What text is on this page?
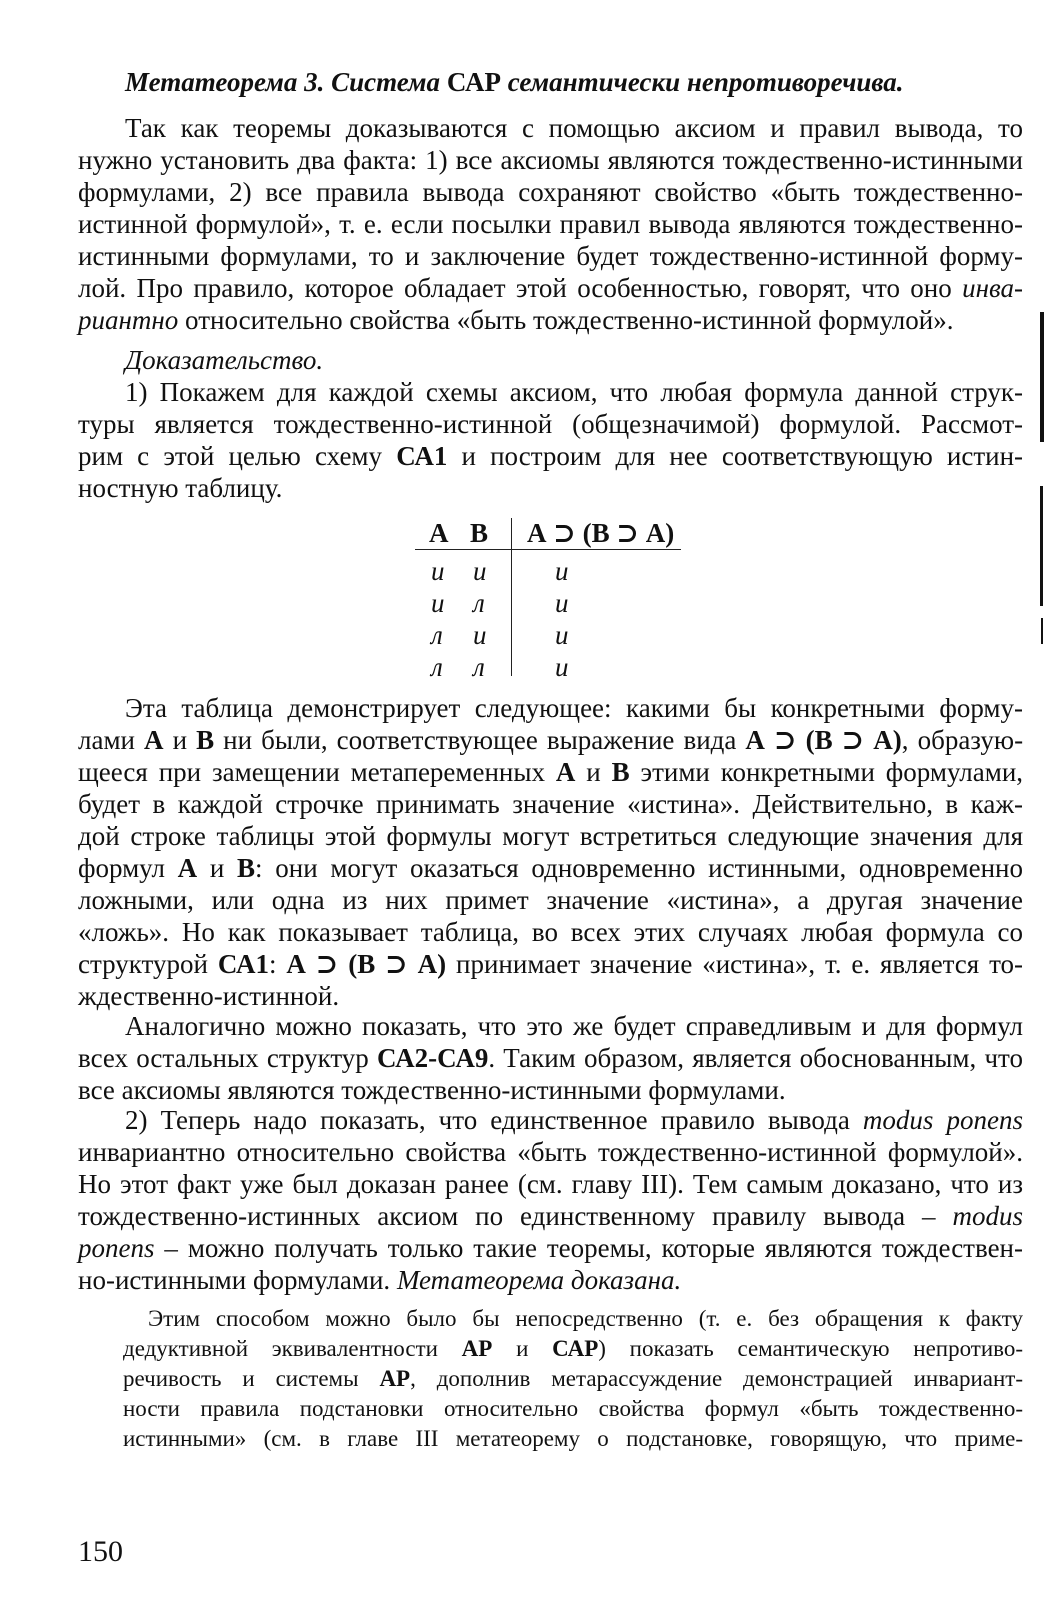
Метатеорема 3. Система САР семантически непротиворечива.
Так как теоремы доказываются с помощью аксиом и правил вывода, то
нужно установить два факта: 1) все аксиомы являются тождественно-истинными
формулами, 2) все правила вывода сохраняют свойство «быть тождественно-
истинной формулой», т. е. если посылки правил вывода являются тождественно-
истинными формулами, то и заключение будет тождественно-истинной форму-
лой. Про правило, которое обладает этой особенностью, говорят, что оно инва-
риантно относительно свойства «быть тождественно-истинной формулой».
Доказательство.
1) Покажем для каждой схемы аксиом, что любая формула данной струк-
туры является тождественно-истинной (общезначимой) формулой. Рассмот-
рим с этой целью схему СА1 и построим для нее соответствующую истин-
ностную таблицу.
А В А ⊃ (В ⊃ А)
и и	и
и л	и
л и	и
л л	и
Эта таблица демонстрирует следующее: какими бы конкретными форму-
лами А и В ни были, соответствующее выражение вида А ⊃ (В ⊃ А), образую-
щееся при замещении метапеременных А и В этими конкретными формулами,
будет в каждой строчке принимать значение «истина». Действительно, в каж-
дой строке таблицы этой формулы могут встретиться следующие значения для
формул А и В: они могут оказаться одновременно истинными, одновременно
ложными, или одна из них примет значение «истина», а другая значение
«ложь». Но как показывает таблица, во всех этих случаях любая формула со
структурой СА1: А ⊃ (В ⊃ А) принимает значение «истина», т. е. является то-
ждественно-истинной.
Аналогично можно показать, что это же будет справедливым и для формул
всех остальных структур СА2-СА9. Таким образом, является обоснованным, что
все аксиомы являются тождественно-истинными формулами.
2) Теперь надо показать, что единственное правило вывода modus ponens
инвариантно относительно свойства «быть тождественно-истинной формулой».
Но этот факт уже был доказан ранее (см. главу III). Тем самым доказано, что из
тождественно-истинных аксиом по единственному правилу вывода – modus
ponens – можно получать только такие теоремы, которые являются тождествен-
но-истинными формулами. Метатеорема доказана.
Этим способом можно было бы непосредственно (т. е. без обращения к факту
дедуктивной эквивалентности АР и САР) показать семантическую непротиво-
речивость и системы АР, дополнив метарассуждение демонстрацией инвариант-
ности правила подстановки относительно свойства формул «быть тождественно-
истинными» (см. в главе III метатеорему о подстановке, говорящую, что приме-
150
